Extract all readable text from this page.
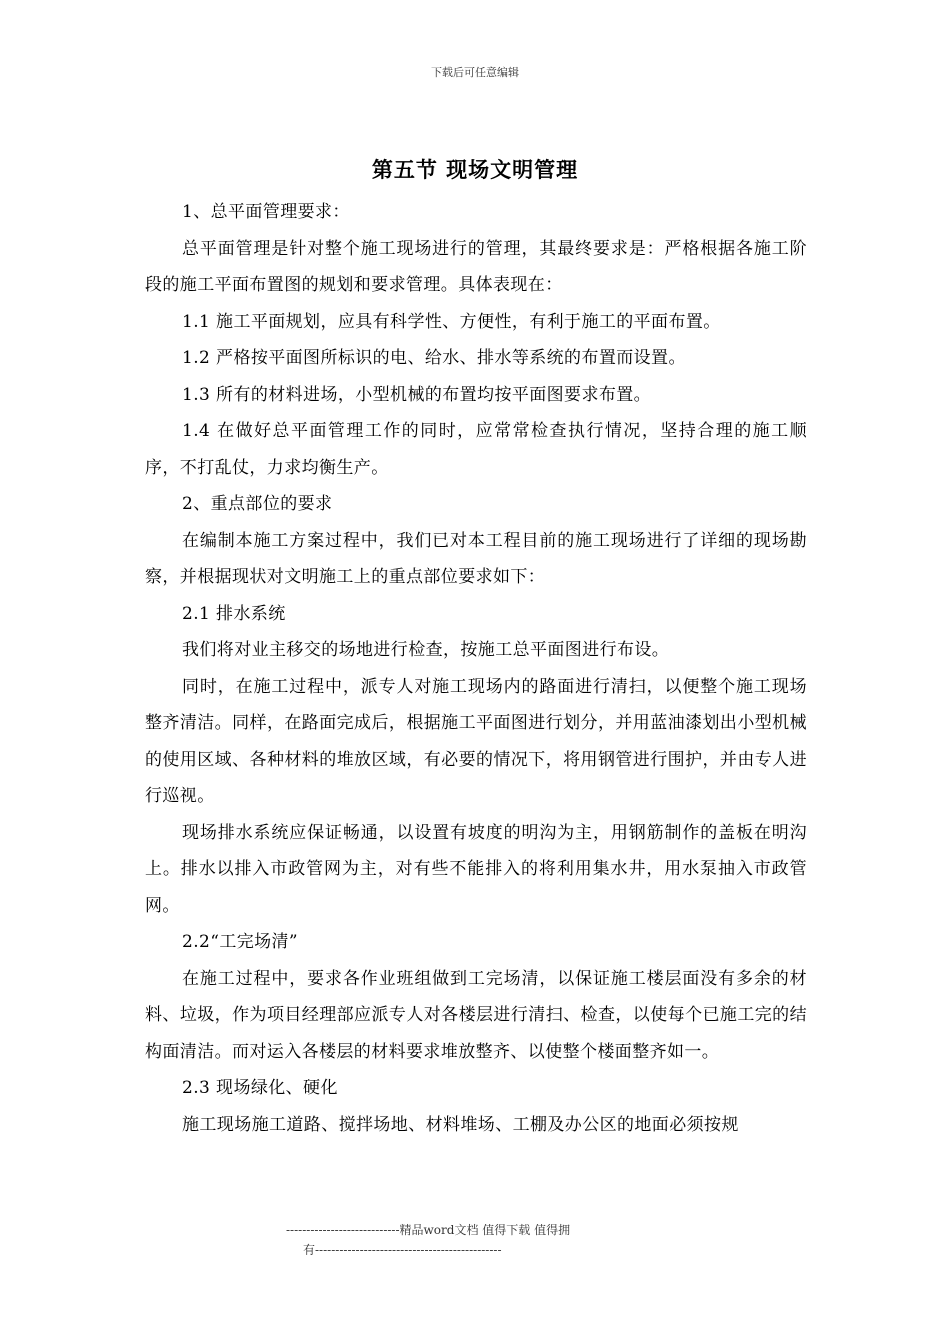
下载后可任意编辑
第五节 现场文明管理

1、总平面管理要求：

总平面管理是针对整个施工现场进行的管理，其最终要求是：严格根据各施工阶段的施工平面布置图的规划和要求管理。具体表现在：

1.1 施工平面规划，应具有科学性、方便性，有利于施工的平面布置。

1.2 严格按平面图所标识的电、给水、排水等系统的布置而设置。

1.3 所有的材料进场，小型机械的布置均按平面图要求布置。

1.4 在做好总平面管理工作的同时，应常常检查执行情况，坚持合理的施工顺序，不打乱仗，力求均衡生产。

2、重点部位的要求

在编制本施工方案过程中，我们已对本工程目前的施工现场进行了详细的现场勘察，并根据现状对文明施工上的重点部位要求如下：

2.1 排水系统

我们将对业主移交的场地进行检查，按施工总平面图进行布设。

同时，在施工过程中，派专人对施工现场内的路面进行清扫，以便整个施工现场整齐清洁。同样，在路面完成后，根据施工平面图进行划分，并用蓝油漆划出小型机械的使用区域、各种材料的堆放区域，有必要的情况下，将用钢管进行围护，并由专人进行巡视。

现场排水系统应保证畅通，以设置有坡度的明沟为主，用钢筋制作的盖板在明沟上。排水以排入市政管网为主，对有些不能排入的将利用集水井，用水泵抽入市政管网。

2.2“工完场清”

在施工过程中，要求各作业班组做到工完场清，以保证施工楼层面没有多余的材料、垃圾，作为项目经理部应派专人对各楼层进行清扫、检查，以使每个已施工完的结构面清洁。而对运入各楼层的材料要求堆放整齐、以使整个楼面整齐如一。

2.3 现场绿化、硬化

施工现场施工道路、搅拌场地、材料堆场、工棚及办公区的地面必须按规

----------------------------精品word文档 值得下载 值得拥
有----------------------------------------------
